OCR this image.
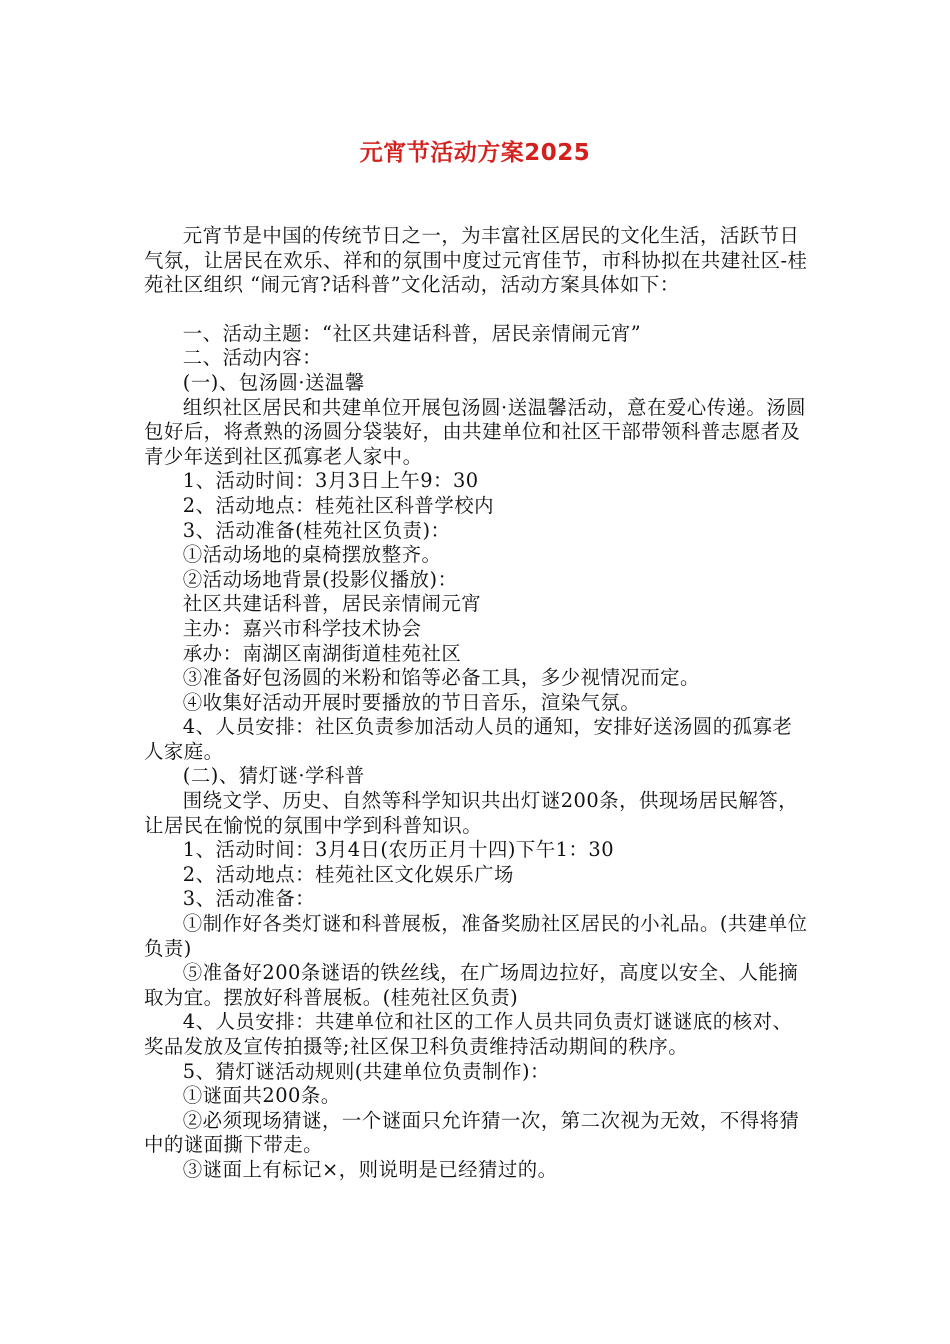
元宵节活动方案2025

元宵节是中国的传统节日之一，为丰富社区居民的文化生活，活跃节日气氛，让居民在欢乐、祥和的氛围中度过元宵佳节，市科协拟在共建社区-桂苑社区组织 “闹元宵?话科普”文化活动，活动方案具体如下：

一、活动主题：“社区共建话科普，居民亲情闹元宵”

二、活动内容：

(一)、包汤圆·送温馨

组织社区居民和共建单位开展包汤圆·送温馨活动，意在爱心传递。汤圆包好后，将煮熟的汤圆分袋装好，由共建单位和社区干部带领科普志愿者及青少年送到社区孤寡老人家中。

1、活动时间：3月3日上午9：30

2、活动地点：桂苑社区科普学校内

3、活动准备(桂苑社区负责)：

①活动场地的桌椅摆放整齐。

②活动场地背景(投影仪播放)：

社区共建话科普，居民亲情闹元宵

主办：嘉兴市科学技术协会

承办：南湖区南湖街道桂苑社区

③准备好包汤圆的米粉和馅等必备工具，多少视情况而定。

④收集好活动开展时要播放的节日音乐，渲染气氛。

4、人员安排：社区负责参加活动人员的通知，安排好送汤圆的孤寡老人家庭。

(二)、猜灯谜·学科普

围绕文学、历史、自然等科学知识共出灯谜200条，供现场居民解答，让居民在愉悦的氛围中学到科普知识。

1、活动时间：3月4日(农历正月十四)下午1：30

2、活动地点：桂苑社区文化娱乐广场

3、活动准备：

①制作好各类灯谜和科普展板，准备奖励社区居民的小礼品。(共建单位负责)

⑤准备好200条谜语的铁丝线，在广场周边拉好，高度以安全、人能摘取为宜。摆放好科普展板。(桂苑社区负责)

4、人员安排：共建单位和社区的工作人员共同负责灯谜谜底的核对、奖品发放及宣传拍摄等;社区保卫科负责维持活动期间的秩序。

5、猜灯谜活动规则(共建单位负责制作)：

①谜面共200条。

②必须现场猜谜，一个谜面只允许猜一次，第二次视为无效，不得将猜中的谜面撕下带走。

③谜面上有标记×，则说明是已经猜过的。
